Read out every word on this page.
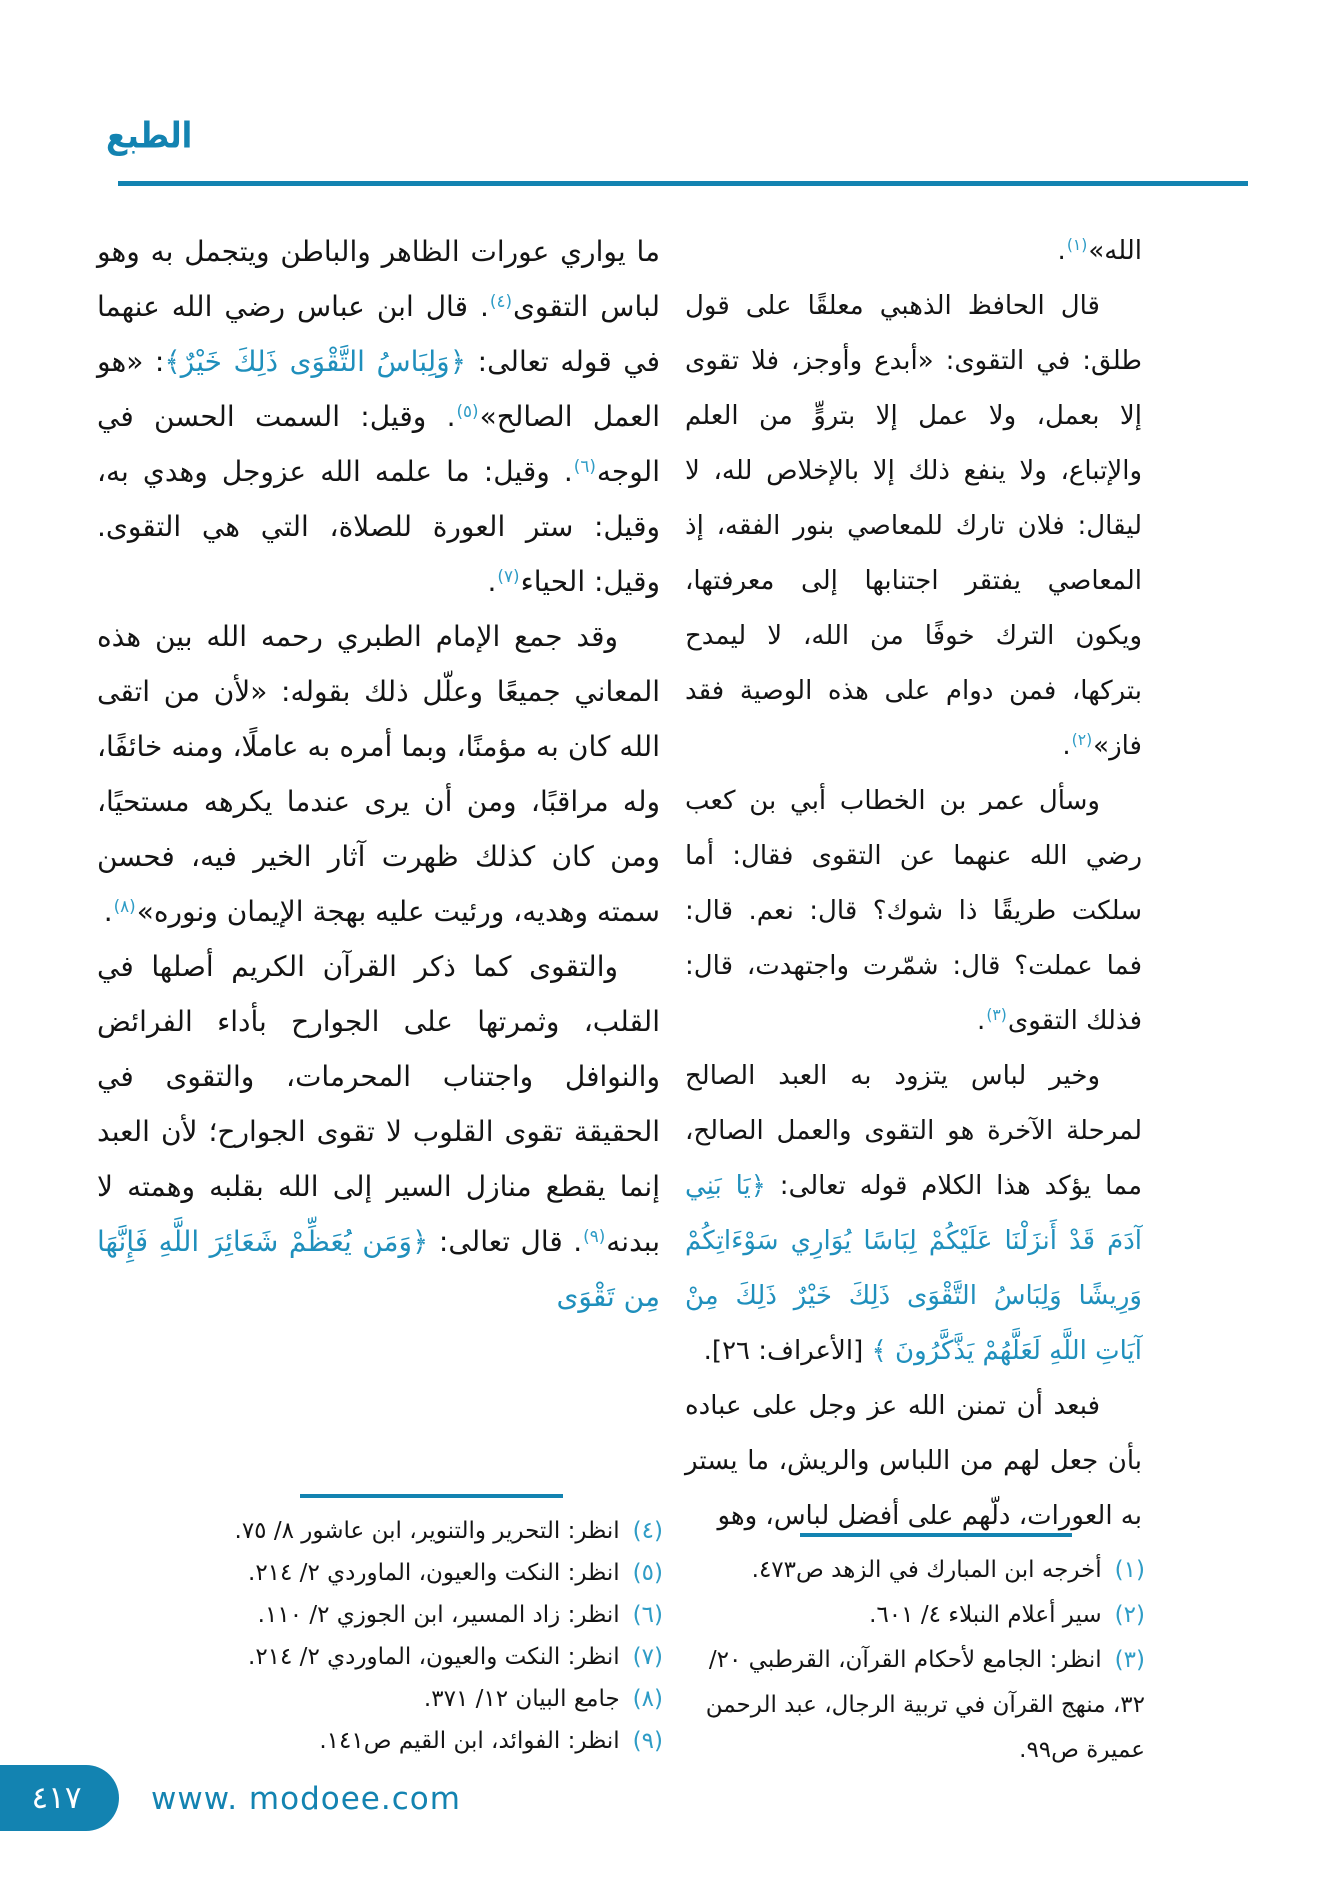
الطبع

الله»$^{(١)}$.

قال الحافظ الذهبي معلقًا على قول طلق: في التقوى: «أبدع وأوجز، فلا تقوى إلا بعمل، ولا عمل إلا بتروٍّ من العلم والإتباع، ولا ينفع ذلك إلا بالإخلاص لله، لا ليقال: فلان تارك للمعاصي بنور الفقه، إذ المعاصي يفتقر اجتنابها إلى معرفتها، ويكون الترك خوفًا من الله، لا ليمدح بتركها، فمن دوام على هذه الوصية فقد فاز»$^{(٢)}$.

وسأل عمر بن الخطاب أبي بن كعب رضي الله عنهما عن التقوى فقال: أما سلكت طريقًا ذا شوك؟ قال: نعم. قال: فما عملت؟ قال: شمّرت واجتهدت، قال: فذلك التقوى$^{(٣)}$.

وخير لباس يتزود به العبد الصالح لمرحلة الآخرة هو التقوى والعمل الصالح، مما يؤكد هذا الكلام قوله تعالى: ﴿يَا بَنِي آدَمَ قَدْ أَنزَلْنَا عَلَيْكُمْ لِبَاسًا يُوَارِي سَوْءَاتِكُمْ وَرِيشًا وَلِبَاسُ التَّقْوَى ذَلِكَ خَيْرٌ ذَلِكَ مِنْ آيَاتِ اللَّهِ لَعَلَّهُمْ يَذَّكَّرُونَ ﴾ [الأعراف: ٢٦].

فبعد أن تمنن الله عز وجل على عباده بأن جعل لهم من اللباس والريش، ما يستر به العورات، دلّهم على أفضل لباس، وهو

ما يواري عورات الظاهر والباطن ويتجمل به وهو لباس التقوى$^{(٤)}$. قال ابن عباس رضي الله عنهما في قوله تعالى: ﴿وَلِبَاسُ التَّقْوَى ذَلِكَ خَيْرٌ﴾: «هو العمل الصالح»$^{(٥)}$. وقيل: السمت الحسن في الوجه$^{(٦)}$. وقيل: ما علمه الله عزوجل وهدي به، وقيل: ستر العورة للصلاة، التي هي التقوى. وقيل: الحياء$^{(٧)}$.

وقد جمع الإمام الطبري رحمه الله بين هذه المعاني جميعًا وعلّل ذلك بقوله: «لأن من اتقى الله كان به مؤمنًا، وبما أمره به عاملًا، ومنه خائفًا، وله مراقبًا، ومن أن يرى عندما يكرهه مستحيًا، ومن كان كذلك ظهرت آثار الخير فيه، فحسن سمته وهديه، ورئيت عليه بهجة الإيمان ونوره»$^{(٨)}$.

والتقوى كما ذكر القرآن الكريم أصلها في القلب، وثمرتها على الجوارح بأداء الفرائض والنوافل واجتناب المحرمات، والتقوى في الحقيقة تقوى القلوب لا تقوى الجوارح؛ لأن العبد إنما يقطع منازل السير إلى الله بقلبه وهمته لا ببدنه$^{(٩)}$. قال تعالى: ﴿وَمَن يُعَظِّمْ شَعَائِرَ اللَّهِ فَإِنَّهَا مِن تَقْوَى

(٤)انظر: التحرير والتنوير، ابن عاشور ٨/ ٧٥.
(٥)انظر: النكت والعيون، الماوردي ٢/ ٢١٤.
(٦)انظر: زاد المسير، ابن الجوزي ٢/ ١١٠.
(٧)انظر: النكت والعيون، الماوردي ٢/ ٢١٤.
(٨)جامع البيان ١٢/ ٣٧١.
(٩)انظر: الفوائد، ابن القيم ص١٤١.
(١)أخرجه ابن المبارك في الزهد ص٤٧٣.
(٢)سير أعلام النبلاء ٤/ ٦٠١.
(٣)انظر: الجامع لأحكام القرآن، القرطبي ٢٠/ ٣٢، منهج القرآن في تربية الرجال، عبد الرحمن عميرة ص٩٩.
٤١٧ www. modoee.com
